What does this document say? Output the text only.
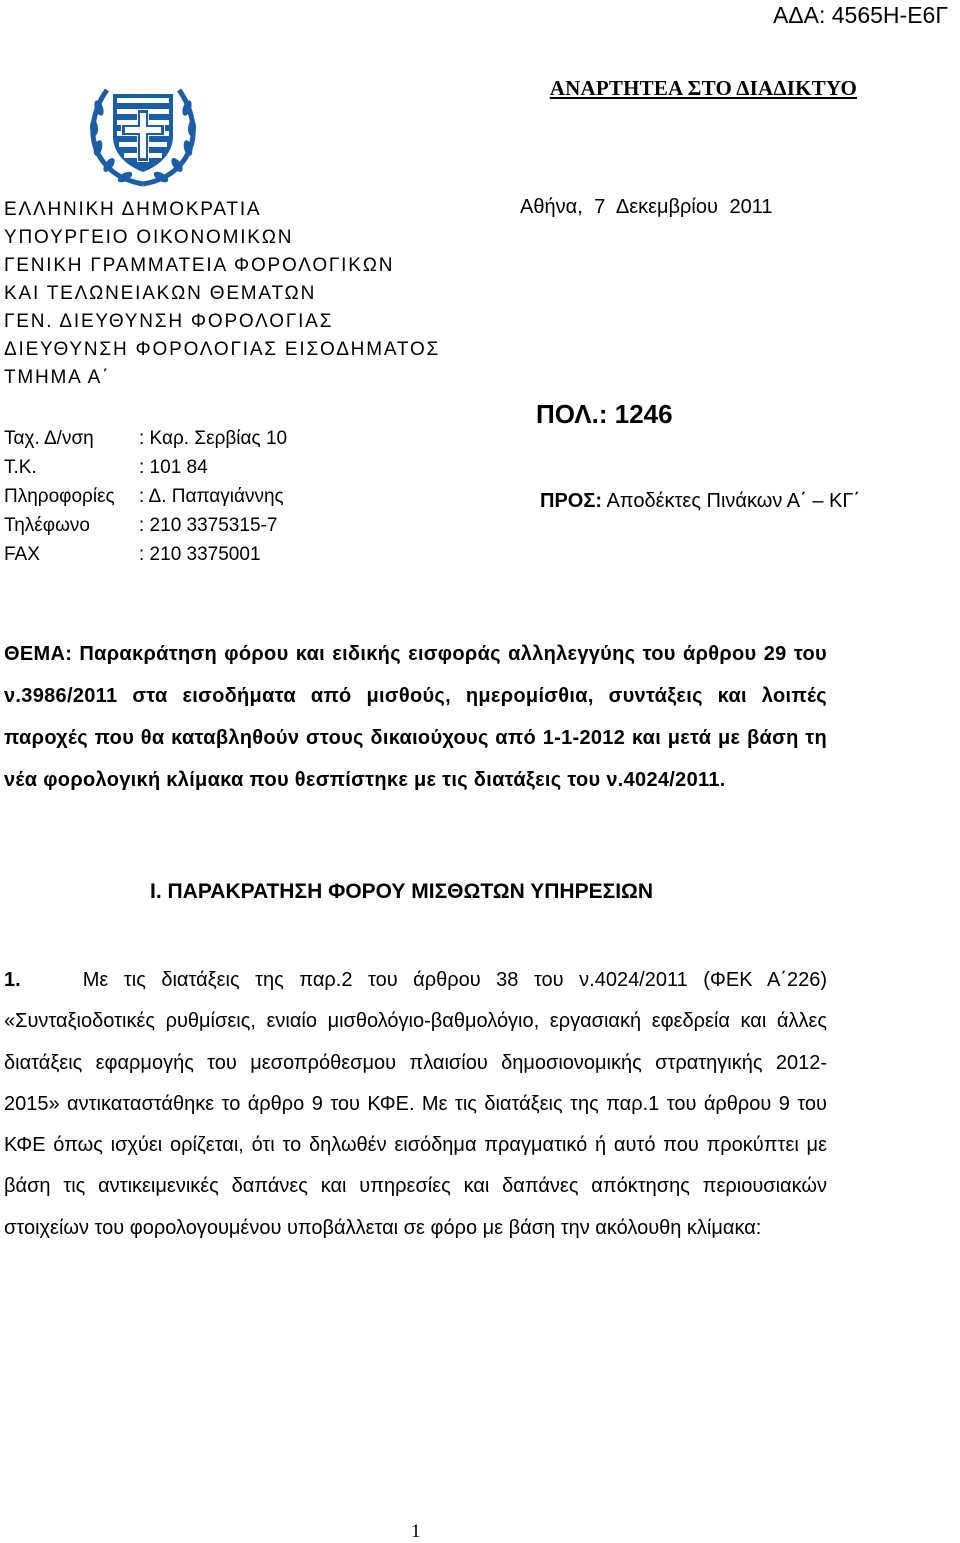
ΑΔΑ: 4565Η-Ε6Γ
ΑΝΑΡΤΗΤΕΑ ΣΤΟ ΔΙΑΔΙΚΤΥΟ
ΕΛΛΗΝΙΚΗ ΔΗΜΟΚΡΑΤΙΑ
ΥΠΟΥΡΓΕΙΟ ΟΙΚΟΝΟΜΙΚΩΝ
ΓΕΝΙΚΗ ΓΡΑΜΜΑΤΕΙΑ ΦΟΡΟΛΟΓΙΚΩΝ
ΚΑΙ ΤΕΛΩΝΕΙΑΚΩΝ ΘΕΜΑΤΩΝ
ΓΕΝ. ΔΙΕΥΘΥΝΣΗ ΦΟΡΟΛΟΓΙΑΣ
ΔΙΕΥΘΥΝΣΗ ΦΟΡΟΛΟΓΙΑΣ ΕΙΣΟΔΗΜΑΤΟΣ
ΤΜΗΜΑ Α΄
Ταχ. Δ/νση	: Καρ. Σερβίας 10
Τ.Κ.	: 101 84
Πληροφορίες	: Δ. Παπαγιάννης
Τηλέφωνο	: 210 3375315-7
FAX	: 210 3375001
Αθήνα, 7 Δεκεμβρίου 2011
ΠΟΛ.: 1246
ΠΡΟΣ: Αποδέκτες Πινάκων Α΄ – ΚΓ΄
ΘΕΜΑ: Παρακράτηση φόρου και ειδικής εισφοράς αλληλεγγύης του άρθρου 29 του ν.3986/2011 στα εισοδήματα από μισθούς, ημερομίσθια, συντάξεις και λοιπές παροχές που θα καταβληθούν στους δικαιούχους από 1-1-2012 και μετά με βάση τη νέα φορολογική κλίμακα που θεσπίστηκε με τις διατάξεις του ν.4024/2011.
Ι. ΠΑΡΑΚΡΑΤΗΣΗ ΦΟΡΟΥ ΜΙΣΘΩΤΩΝ ΥΠΗΡΕΣΙΩΝ
1.	Με τις διατάξεις της παρ.2 του άρθρου 38 του ν.4024/2011 (ΦΕΚ Α΄226) «Συνταξιοδοτικές ρυθμίσεις, ενιαίο μισθολόγιο-βαθμολόγιο, εργασιακή εφεδρεία και άλλες διατάξεις εφαρμογής του μεσοπρόθεσμου πλαισίου δημοσιονομικής στρατηγικής 2012-2015» αντικαταστάθηκε το άρθρο 9 του ΚΦΕ. Με τις διατάξεις της παρ.1 του άρθρου 9 του ΚΦΕ όπως ισχύει ορίζεται, ότι το δηλωθέν εισόδημα πραγματικό ή αυτό που προκύπτει με βάση τις αντικειμενικές δαπάνες και υπηρεσίες και δαπάνες απόκτησης περιουσιακών στοιχείων του φορολογουμένου υποβάλλεται σε φόρο με βάση την ακόλουθη κλίμακα:
1
